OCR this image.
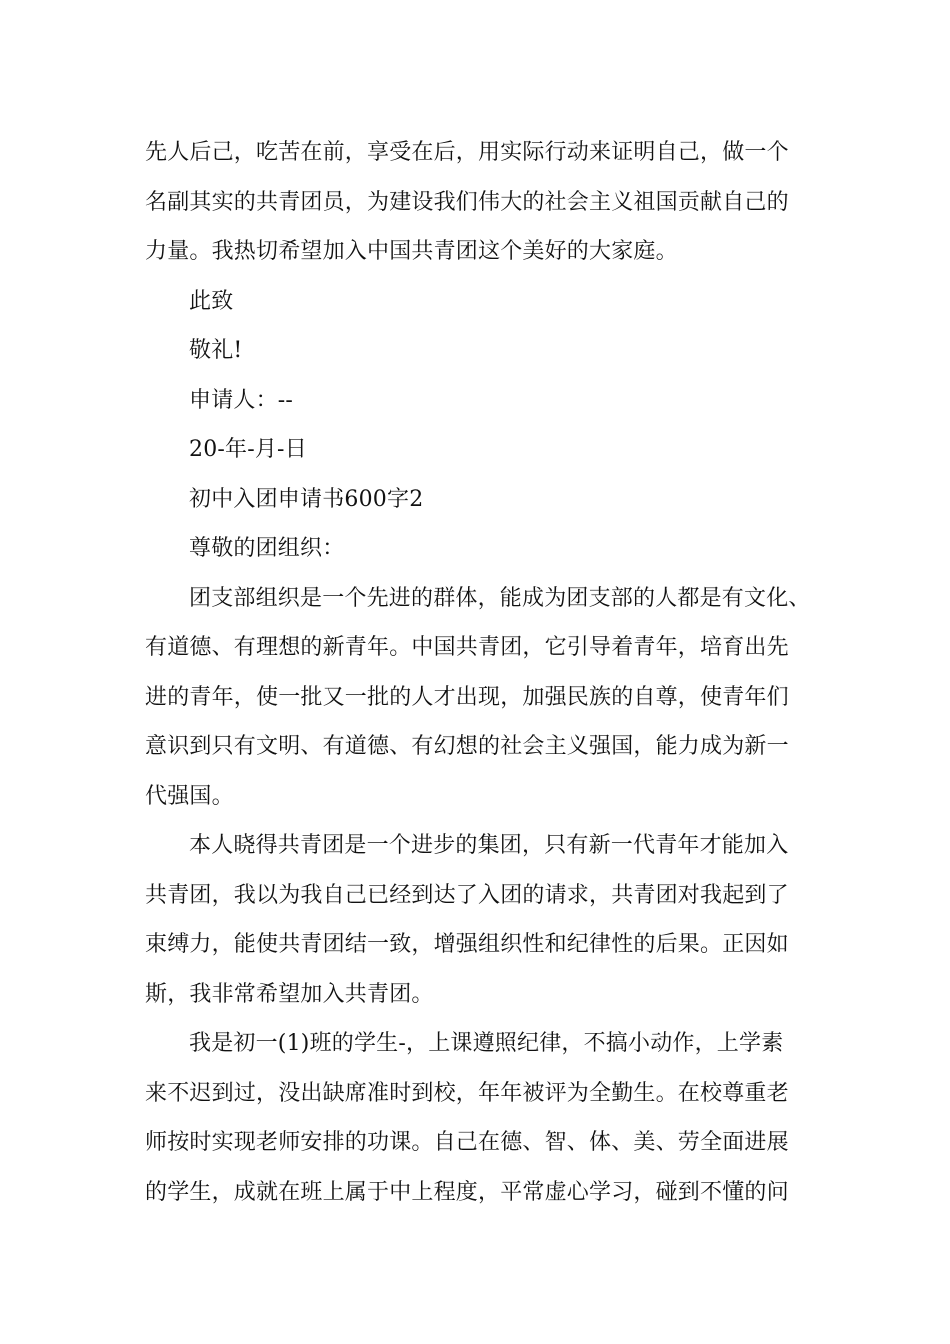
先人后己，吃苦在前，享受在后，用实际行动来证明自己，做一个
名副其实的共青团员，为建设我们伟大的社会主义祖国贡献自己的
力量。我热切希望加入中国共青团这个美好的大家庭。
此致
敬礼!
申请人：--
20-年-月-日
初中入团申请书600字2
尊敬的团组织：
团支部组织是一个先进的群体，能成为团支部的人都是有文化、
有道德、有理想的新青年。中国共青团，它引导着青年，培育出先
进的青年，使一批又一批的人才出现，加强民族的自尊，使青年们
意识到只有文明、有道德、有幻想的社会主义强国，能力成为新一
代强国。
本人晓得共青团是一个进步的集团，只有新一代青年才能加入
共青团，我以为我自己已经到达了入团的请求，共青团对我起到了
束缚力，能使共青团结一致，增强组织性和纪律性的后果。正因如
斯，我非常希望加入共青团。
我是初一(1)班的学生-，上课遵照纪律，不搞小动作，上学素
来不迟到过，没出缺席准时到校，年年被评为全勤生。在校尊重老
师按时实现老师安排的功课。自己在德、智、体、美、劳全面进展
的学生，成就在班上属于中上程度，平常虚心学习，碰到不懂的问
